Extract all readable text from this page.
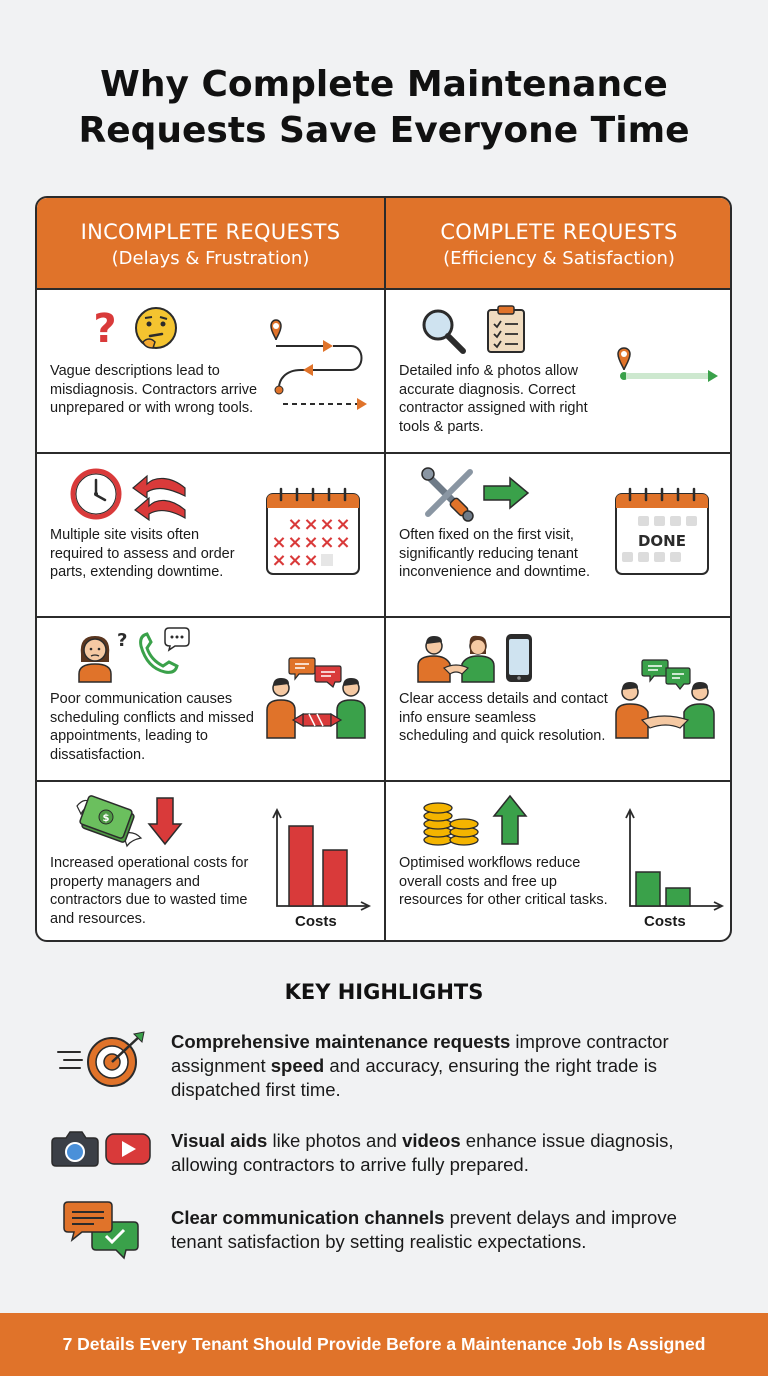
Why Complete Maintenance
Requests Save Everyone Time
INCOMPLETE REQUESTS
(Delays & Frustration)
COMPLETE REQUESTS
(Efficiency & Satisfaction)
?
Vague descriptions lead to misdiagnosis. Contractors arrive unprepared or with wrong tools.
Detailed info & photos allow accurate diagnosis. Correct contractor assigned with right tools & parts.
Multiple site visits often required to assess and order parts, extending downtime.
× × × ×
× × × × ×
× × ×
Often fixed on the first visit, significantly reducing tenant inconvenience and downtime.
DONE
?
Poor communication causes scheduling conflicts and missed appointments, leading to dissatisfaction.
Clear access details and contact info ensure seamless scheduling and quick resolution.
$
Increased operational costs for property managers and contractors due to wasted time and resources.	Costs
Optimised workflows reduce overall costs and free up resources for other critical tasks.
Costs
KEY HIGHLIGHTS
Comprehensive maintenance requests improve contractor assignment speed and accuracy, ensuring the right trade is dispatched first time.
Visual aids like photos and videos enhance issue diagnosis, allowing contractors to arrive fully prepared.
Clear communication channels prevent delays and improve tenant satisfaction by setting realistic expectations.
7 Details Every Tenant Should Provide Before a Maintenance Job Is Assigned
